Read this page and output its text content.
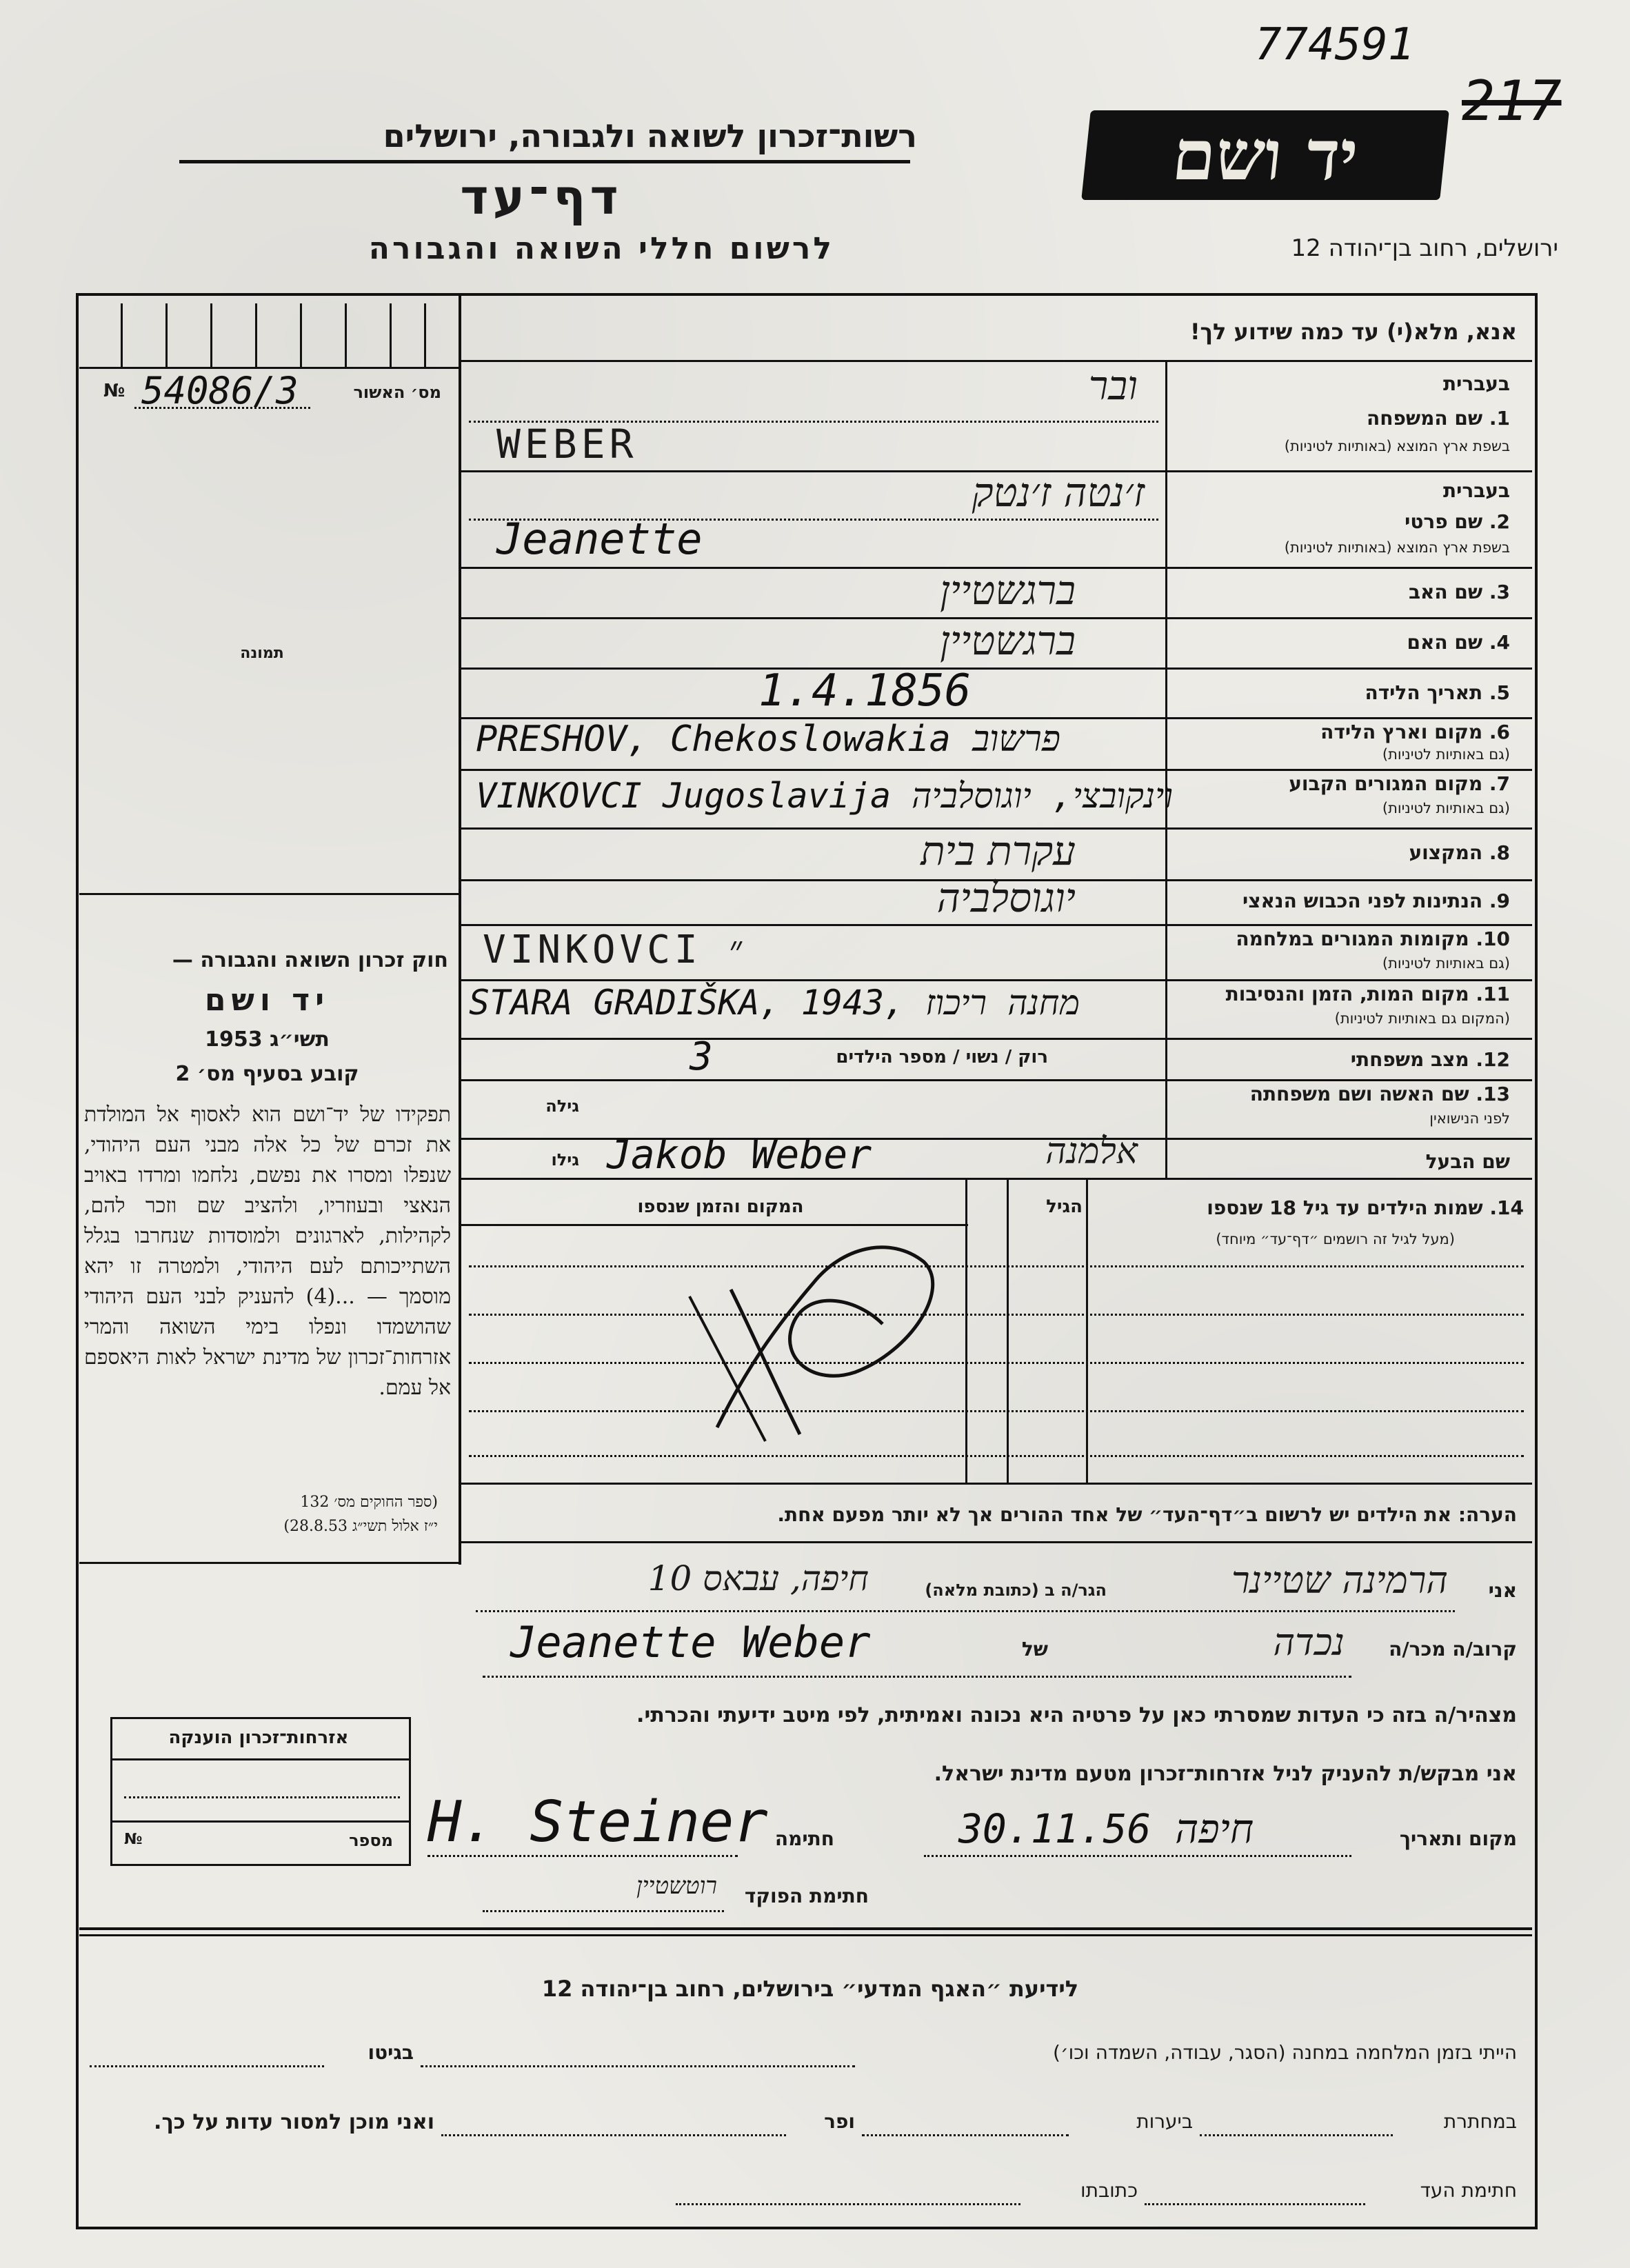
774591
217
יד ושם
רשות־זכרון לשואה ולגבורה, ירושלים
דף־עד
לרשום חללי השואה והגבורה	ירושלים, רחוב בן־יהודה 12
№ 54086/3	מס׳ האשור
תמונה
חוק זכרון השואה והגבורה —
יד ושם
תשי״ג 1953
קובע בסעיף מס׳ 2
תפקידו של יד־ושם הוא לאסוף אל המולדת את זכרם של כל אלה מבני העם היהודי, שנפלו ומסרו את נפשם, נלחמו ומרדו באויב הנאצי ובעוזריו, ולהציב שם וזכר להם, לקהילות, לארגונים ולמוסדות שנחרבו בגלל השתייכותם לעם היהודי, ולמטרה זו יהא מוסמך — ...(4) להעניק לבני העם היהודי שהושמדו ונפלו בימי השואה והמרי אזרחות־זכרון של מדינת ישראל לאות היאספם אל עמם.
(ספר החוקים מס׳ 132
י״ז אלול תשי״ג 28.8.53)
אנא, מלא(י) עד כמה שידוע לך!
בעברית
1. שם המשפחה
בשפת ארץ המוצא (באותיות לטיניות)
ובר
WEBER
בעברית
2. שם פרטי
בשפת ארץ המוצא (באותיות לטיניות)
ז׳נטה ז׳נטק
Jeanette
3. שם האב
ברגשטיין
4. שם האם
ברגשטיין
5. תאריך הלידה
1.4.1856
6. מקום וארץ הלידה
(גם באותיות לטיניות)
PRESHOV, Chekoslowakia פרשוב
7. מקום המגורים הקבוע
(גם באותיות לטיניות)
VINKOVCI Jugoslavija וינקובצי, יוגוסלביה
8. המקצוע
עקרת בית
9. הנתינות לפני הכבוש הנאצי
יוגוסלביה
10. מקומות המגורים במלחמה
(גם באותיות לטיניות)
VINKOVCI ״
11. מקום המות, הזמן והנסיבות
(המקום גם באותיות לטיניות)
STARA GRADIŠKA, 1943, מחנה ריכוז
12. מצב משפחתי
רוק / נשוי / מספר הילדים
3
13. שם האשה ושם משפחתה
לפני הנישואין
גילה
שם הבעל
גילו Jakob Weber	אלמנה
14. שמות הילדים עד גיל 18 שנספו
(מעל לגיל זה רושמים ״דף־עד״ מיוחד)
הגיל
המקום והזמן שנספו
הערה: את הילדים יש לרשום ב״דף־העד״ של אחד ההורים אך לא יותר מפעם אחת.
אני
הרמינה שטיינר
הגר/ה ב (כתובת מלאה)
חיפה, עבאס 10
קרוב/ה מכר/ה
נכדה
של
Jeanette Weber
מצהיר/ה בזה כי העדות שמסרתי כאן על פרטיה היא נכונה ואמיתית, לפי מיטב ידיעתי והכרתי.
אני מבקש/ת להעניק לניל אזרחות־זכרון מטעם מדינת ישראל.
מקום ותאריך
30.11.56 חיפה
חתימה
H. Steiner
חתימת הפוקד
רוטשטיין
אזרחות־זכרון הוענקה
№	מספר
לידיעת ״האגף המדעי״ בירושלים, רחוב בן־יהודה 12
הייתי בזמן המלחמה במחנה (הסגר, עבודה, השמדה וכו׳)
בגיטו
במחתרת
ביערות
ופר
ואני מוכן למסור עדות על כך.
חתימת העד
כתובתו
